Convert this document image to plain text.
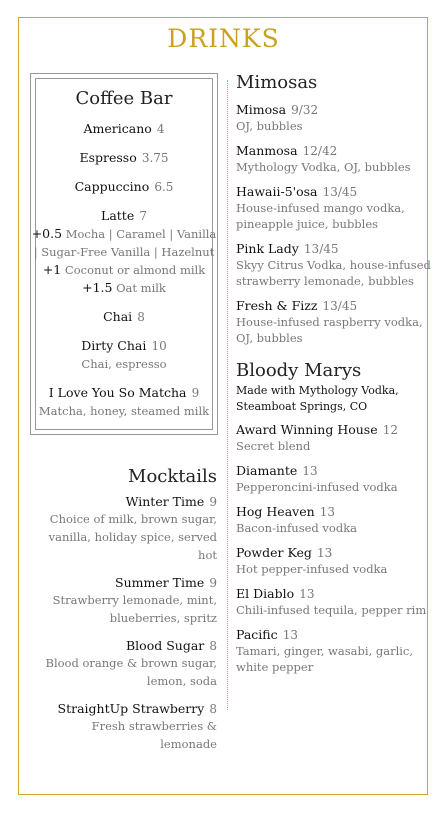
DRINKS
Coffee Bar
Americano 4
Espresso 3.75
Cappuccino 6.5
Latte 7
+0.5 Mocha | Caramel | Vanilla | Sugar-Free Vanilla | Hazelnut
+1 Coconut or almond milk
+1.5 Oat milk
Chai 8
Dirty Chai 10
Chai, espresso
I Love You So Matcha 9
Matcha, honey, steamed milk
Mocktails
Winter Time 9
Choice of milk, brown sugar, vanilla, holiday spice, served hot
Summer Time 9
Strawberry lemonade, mint, blueberries, spritz
Blood Sugar 8
Blood orange & brown sugar, lemon, soda
StraightUp Strawberry 8
Fresh strawberries & lemonade
Mimosas
Mimosa 9/32
OJ, bubbles
Manmosa 12/42
Mythology Vodka, OJ, bubbles
Hawaii-5'osa 13/45
House-infused mango vodka, pineapple juice, bubbles
Pink Lady 13/45
Skyy Citrus Vodka, house-infused strawberry lemonade, bubbles
Fresh & Fizz 13/45
House-infused raspberry vodka, OJ, bubbles
Bloody Marys
Made with Mythology Vodka, Steamboat Springs, CO
Award Winning House 12
Secret blend
Diamante 13
Pepperoncini-infused vodka
Hog Heaven 13
Bacon-infused vodka
Powder Keg 13
Hot pepper-infused vodka
El Diablo 13
Chili-infused tequila, pepper rim
Pacific 13
Tamari, ginger, wasabi, garlic, white pepper
